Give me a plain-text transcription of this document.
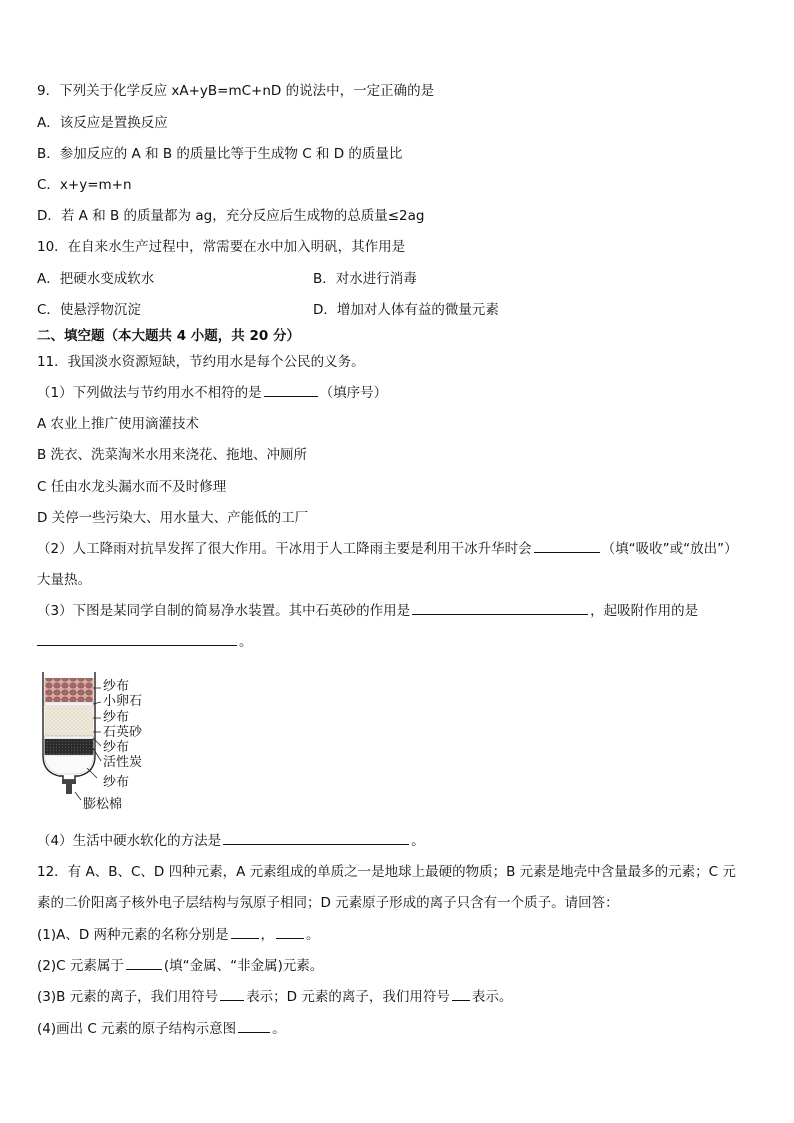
9．下列关于化学反应 xA+yB=mC+nD 的说法中，一定正确的是
A．该反应是置换反应
B．参加反应的 A 和 B 的质量比等于生成物 C 和 D 的质量比
C．x+y=m+n
D．若 A 和 B 的质量都为 ag，充分反应后生成物的总质量≤2ag
10．在自来水生产过程中，常需要在水中加入明矾，其作用是
A．把硬水变成软水	B．对水进行消毒
C．使悬浮物沉淀	D．增加对人体有益的微量元素
二、填空题（本大题共 4 小题，共 20 分）
11．我国淡水资源短缺，节约用水是每个公民的义务。
（1）下列做法与节约用水不相符的是	（填序号）
A 农业上推广使用滴灌技术
B 洗衣、洗菜淘米水用来浇花、拖地、冲厕所
C 任由水龙头漏水而不及时修理
D 关停一些污染大、用水量大、产能低的工厂
（2）人工降雨对抗旱发挥了很大作用。干冰用于人工降雨主要是利用干冰升华时会	（填“吸收”或“放出”）
大量热。
（3）下图是某同学自制的简易净水装置。其中石英砂的作用是	，起吸附作用的是
。
纱布
小卵石
纱布
石英砂
纱布
活性炭
纱布
膨松棉
（4）生活中硬水软化的方法是	。
12．有 A、B、C、D 四种元素，A 元素组成的单质之一是地球上最硬的物质；B 元素是地壳中含量最多的元素；C 元
素的二价阳离子核外电子层结构与氖原子相同；D 元素原子形成的离子只含有一个质子。请回答：
(1)A、D 两种元素的名称分别是 ， 。
(2)C 元素属于	(填“金属、“非金属)元素。
(3)B 元素的离子，我们用符号 表示；D 元素的离子，我们用符号 表示。
(4)画出 C 元素的原子结构示意图	。
